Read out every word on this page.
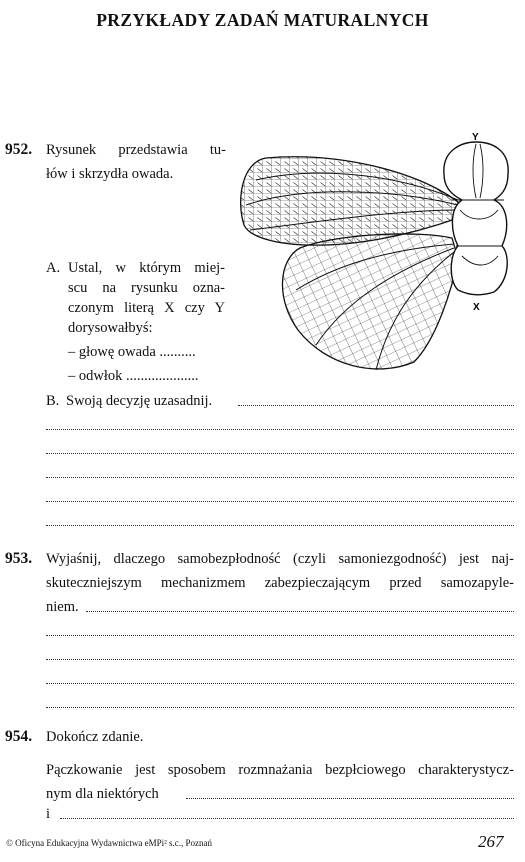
PRZYKŁADY ZADAŃ MATURALNYCH
952. Rysunek przedstawia tu-
łów i skrzydła owada.
A. Ustal, w którym miej-
scu na rysunku ozna-
czonym literą X czy Y
dorysowałbyś:
– głowę owada ..........
– odwłok ....................
B. Swoją decyzję uzasadnij.
Y
X
953. Wyjaśnij, dlaczego samobezpłodność (czyli samoniezgodność) jest naj-
skuteczniejszym mechanizmem zabezpieczającym przed samozapyle-
niem.
954. Dokończ zdanie.
Pączkowanie jest sposobem rozmnażania bezpłciowego charakterystycz-
nym dla niektórych
i
© Oficyna Edukacyjna Wydawnictwa eMPi² s.c., Poznań	267
